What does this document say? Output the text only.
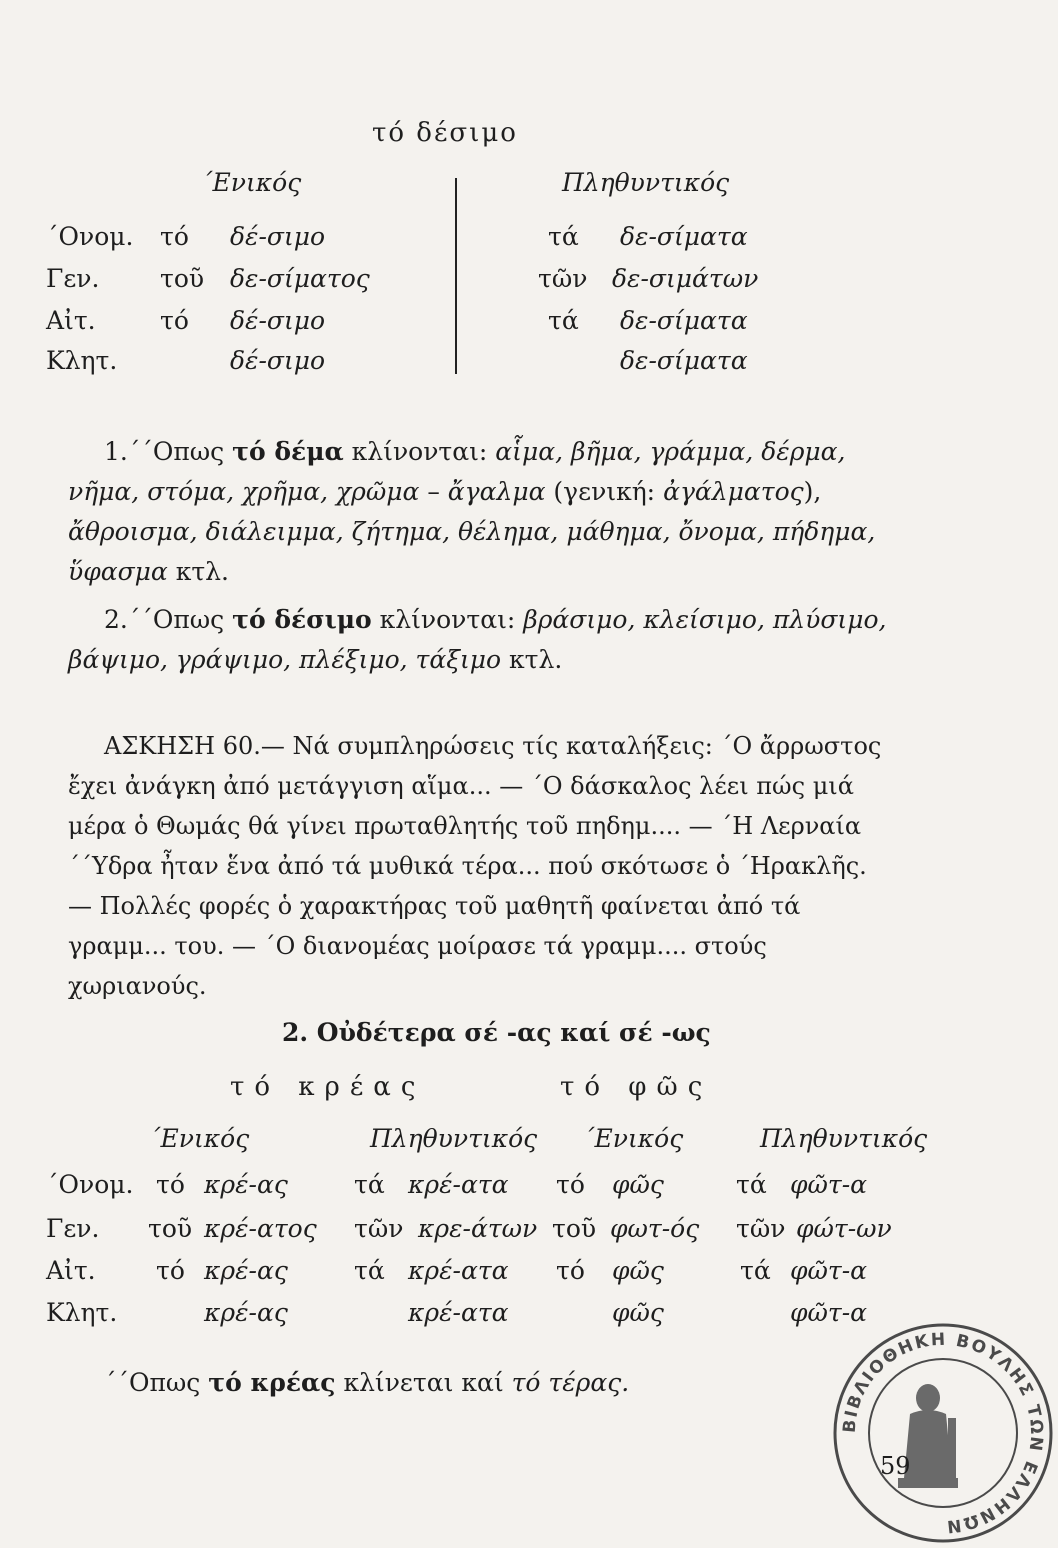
τό δέσιμο
΄Ενικός	Πληθυντικός
΄Ονομ. τό δέ-σιμο	τά δε-σίματα
Γεν. τοῦ δε-σίματος	τῶν δε-σιμάτων
Αἰτ.	τό δέ-σιμο	τά δε-σίματα
Κλητ.	δέ-σιμο	δε-σίματα

1.΄΄Οπως τό δέμα κλίνονται: αἷμα, βῆμα, γράμμα, δέρμα, νῆμα, στόμα, χρῆμα, χρῶμα – ἄγαλμα (γενική: ἀγάλματος), ἄθροισμα, διάλειμμα, ζήτημα, θέλημα, μάθημα, ὄνομα, πήδημα, ὕφασμα κτλ.

2.΄΄Οπως τό δέσιμο κλίνονται: βράσιμο, κλείσιμο, πλύσιμο, βάψιμο, γράψιμο, πλέξιμο, τάξιμο κτλ.

ΑΣΚΗΣΗ 60.— Νά συμπληρώσεις τίς καταλήξεις: ΄Ο ἄρρωστος ἔχει ἀνάγκη ἀπό μετάγγιση αἵμα... — ΄Ο δάσκαλος λέει πώς μιά μέρα ὁ Θωμάς θά γίνει πρωταθλητής τοῦ πηδημ.... — ΄Η Λερναία ΄΄Υδρα ἦταν ἕνα ἀπό τά μυθικά τέρα... πού σκότωσε ὁ ΄Ηρακλῆς. — Πολλές φορές ὁ χαρακτήρας τοῦ μαθητῆ φαίνεται ἀπό τά γραμμ... του. — ΄Ο διανομέας μοίρασε τά γραμμ.... στούς χωριανούς.

2. Οὐδέτερα σέ -ας καί σέ -ως
τό κρέας	τό φῶς
΄Ενικός	Πληθυντικός ΄Ενικός	Πληθυντικός
΄Ονομ. τό κρέ-ας	τά κρέ-ατα τό φῶς	τά φῶτ-α
Γεν. τοῦ κρέ-ατος τῶν κρε-άτων τοῦ φωτ-ός τῶν φώτ-ων
Αἰτ. τό κρέ-ας	τά κρέ-ατα τό φῶς	τά φῶτ-α
Κλητ.	κρέ-ας	κρέ-ατα	φῶς	φῶτ-α
΄΄Οπως τό κρέας κλίνεται καί τό τέρας.
ΒΙΒΛΙΟΘΗΚΗ ΒΟΥΛΗΣ ΤΩΝ ΕΛΛΗΝΩΝ
59
